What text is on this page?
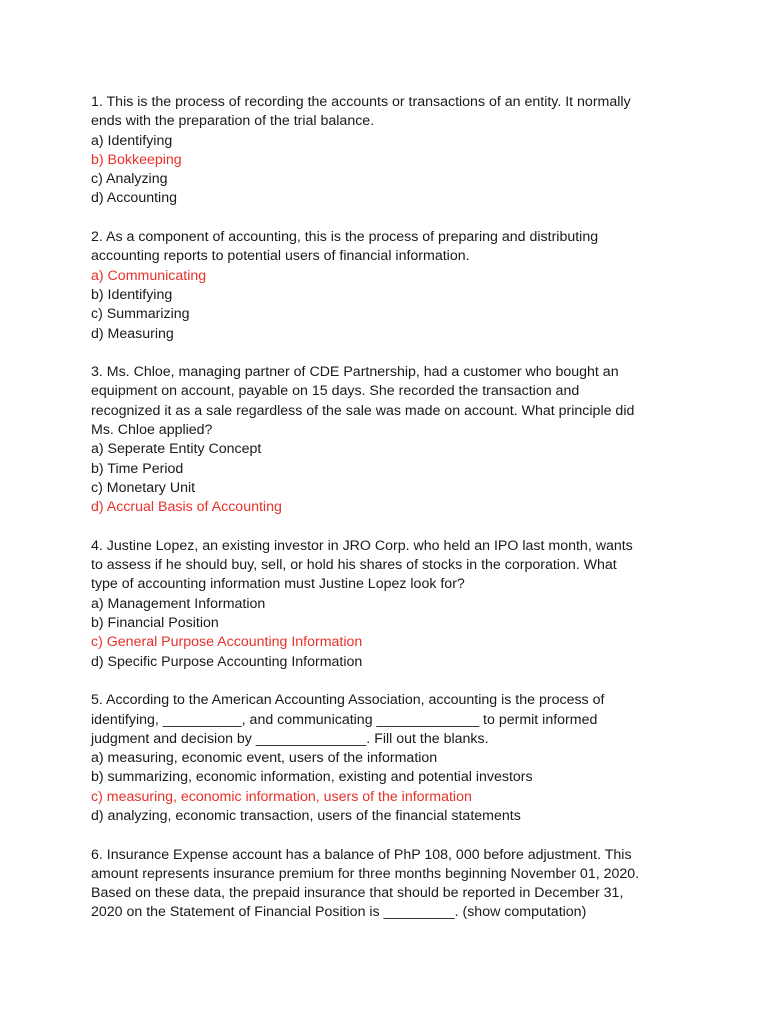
1. This is the process of recording the accounts or transactions of an entity. It normally
ends with the preparation of the trial balance.
a) Identifying
b) Bokkeeping
c) Analyzing
d) Accounting
2. As a component of accounting, this is the process of preparing and distributing
accounting reports to potential users of financial information.
a) Communicating
b) Identifying
c) Summarizing
d) Measuring
3. Ms. Chloe, managing partner of CDE Partnership, had a customer who bought an
equipment on account, payable on 15 days. She recorded the transaction and
recognized it as a sale regardless of the sale was made on account. What principle did
Ms. Chloe applied?
a) Seperate Entity Concept
b) Time Period
c) Monetary Unit
d) Accrual Basis of Accounting
4. Justine Lopez, an existing investor in JRO Corp. who held an IPO last month, wants
to assess if he should buy, sell, or hold his shares of stocks in the corporation. What
type of accounting information must Justine Lopez look for?
a) Management Information
b) Financial Position
c) General Purpose Accounting Information
d) Specific Purpose Accounting Information
5. According to the American Accounting Association, accounting is the process of
identifying, __________, and communicating _____________ to permit informed
judgment and decision by ______________. Fill out the blanks.
a) measuring, economic event, users of the information
b) summarizing, economic information, existing and potential investors
c) measuring, economic information, users of the information
d) analyzing, economic transaction, users of the financial statements
6. Insurance Expense account has a balance of PhP 108, 000 before adjustment. This
amount represents insurance premium for three months beginning November 01, 2020.
Based on these data, the prepaid insurance that should be reported in December 31,
2020 on the Statement of Financial Position is _________. (show computation)
